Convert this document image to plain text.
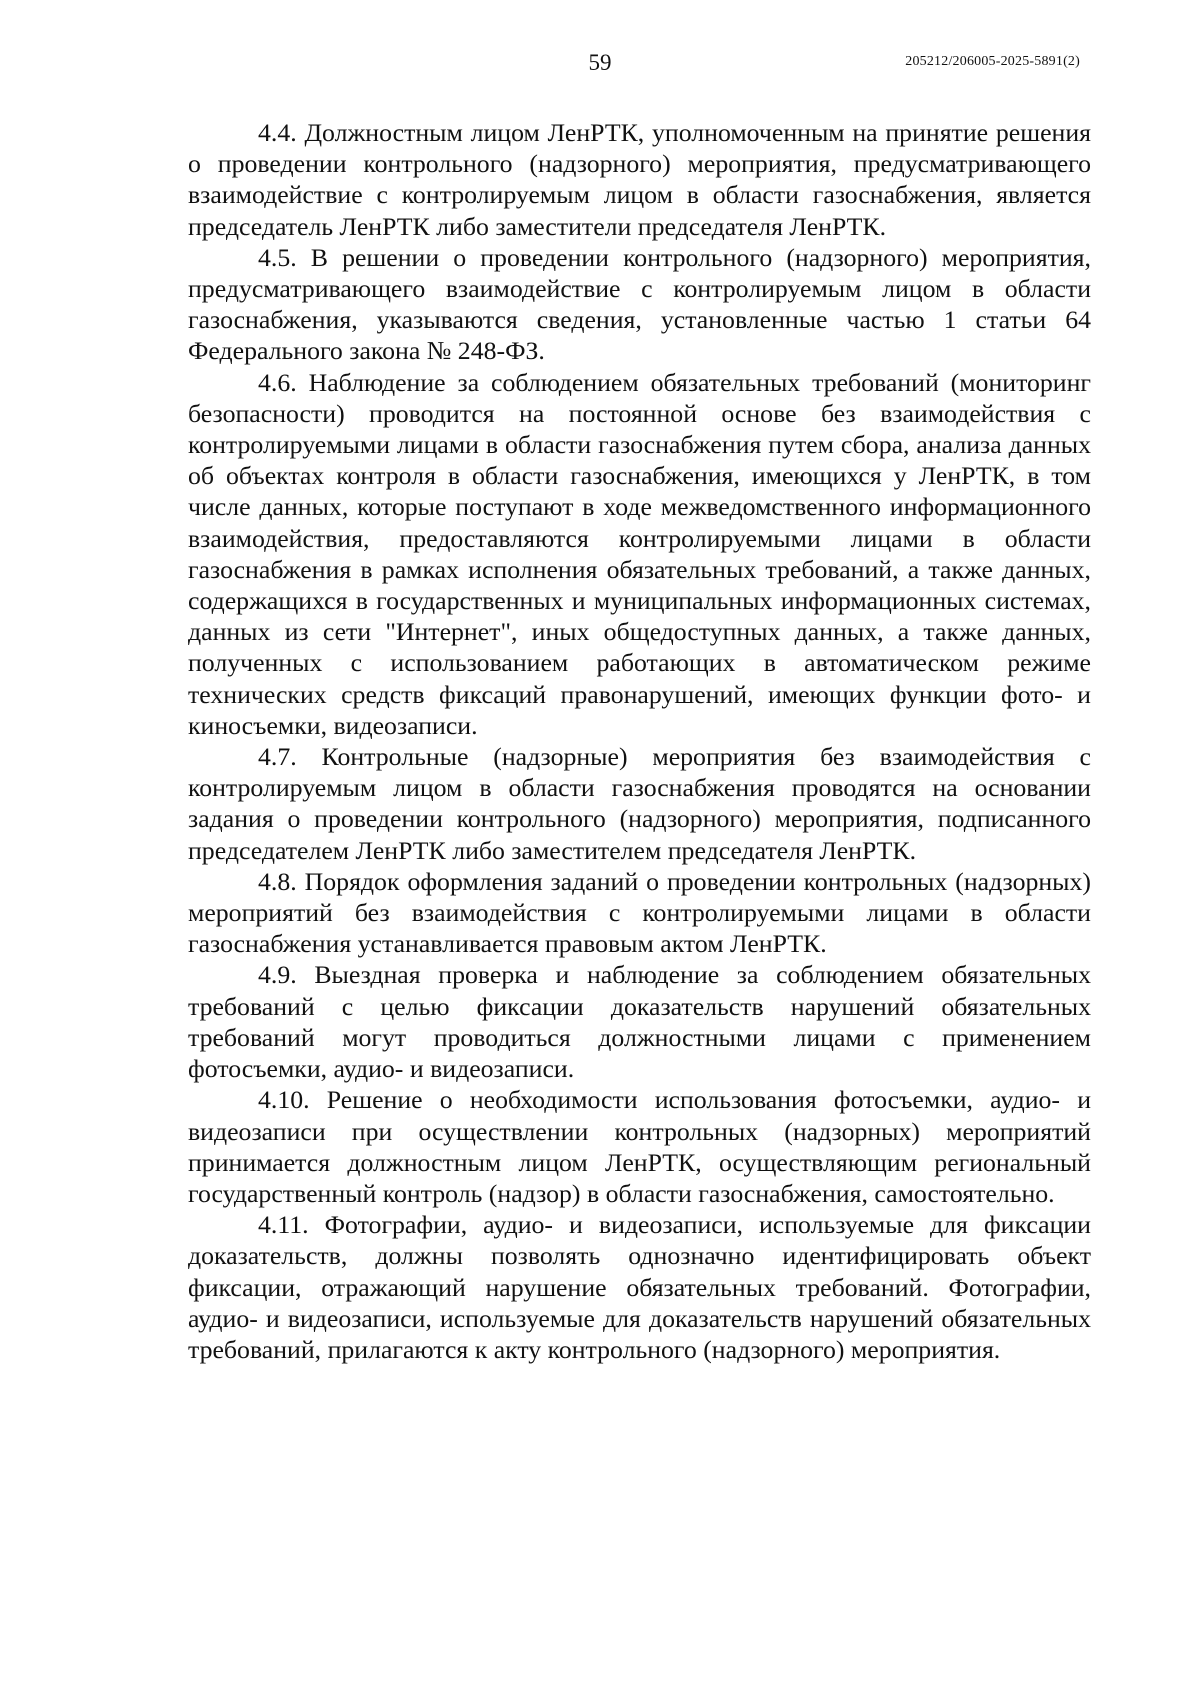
59	205212/206005-2025-5891(2)

4.4. Должностным лицом ЛенРТК, уполномоченным на принятие решения о проведении контрольного (надзорного) мероприятия, предусматривающего взаимодействие с контролируемым лицом в области газоснабжения, является председатель ЛенРТК либо заместители председателя ЛенРТК.

4.5. В решении о проведении контрольного (надзорного) мероприятия, предусматривающего взаимодействие с контролируемым лицом в области газоснабжения, указываются сведения, установленные частью 1 статьи 64 Федерального закона № 248-ФЗ.

4.6. Наблюдение за соблюдением обязательных требований (мониторинг безопасности) проводится на постоянной основе без взаимодействия с контролируемыми лицами в области газоснабжения путем сбора, анализа данных об объектах контроля в области газоснабжения, имеющихся у ЛенРТК, в том числе данных, которые поступают в ходе межведомственного информационного взаимодействия, предоставляются контролируемыми лицами в области газоснабжения в рамках исполнения обязательных требований, а также данных, содержащихся в государственных и муниципальных информационных системах, данных из сети "Интернет", иных общедоступных данных, а также данных, полученных с использованием работающих в автоматическом режиме технических средств фиксаций правонарушений, имеющих функции фото- и киносъемки, видеозаписи.

4.7. Контрольные (надзорные) мероприятия без взаимодействия с контролируемым лицом в области газоснабжения проводятся на основании задания о проведении контрольного (надзорного) мероприятия, подписанного председателем ЛенРТК либо заместителем председателя ЛенРТК.

4.8. Порядок оформления заданий о проведении контрольных (надзорных) мероприятий без взаимодействия с контролируемыми лицами в области газоснабжения устанавливается правовым актом ЛенРТК.

4.9. Выездная проверка и наблюдение за соблюдением обязательных требований с целью фиксации доказательств нарушений обязательных требований могут проводиться должностными лицами с применением фотосъемки, аудио- и видеозаписи.

4.10. Решение о необходимости использования фотосъемки, аудио- и видеозаписи при осуществлении контрольных (надзорных) мероприятий принимается должностным лицом ЛенРТК, осуществляющим региональный государственный контроль (надзор) в области газоснабжения, самостоятельно.

4.11. Фотографии, аудио- и видеозаписи, используемые для фиксации доказательств, должны позволять однозначно идентифицировать объект фиксации, отражающий нарушение обязательных требований. Фотографии, аудио- и видеозаписи, используемые для доказательств нарушений обязательных требований, прилагаются к акту контрольного (надзорного) мероприятия.
